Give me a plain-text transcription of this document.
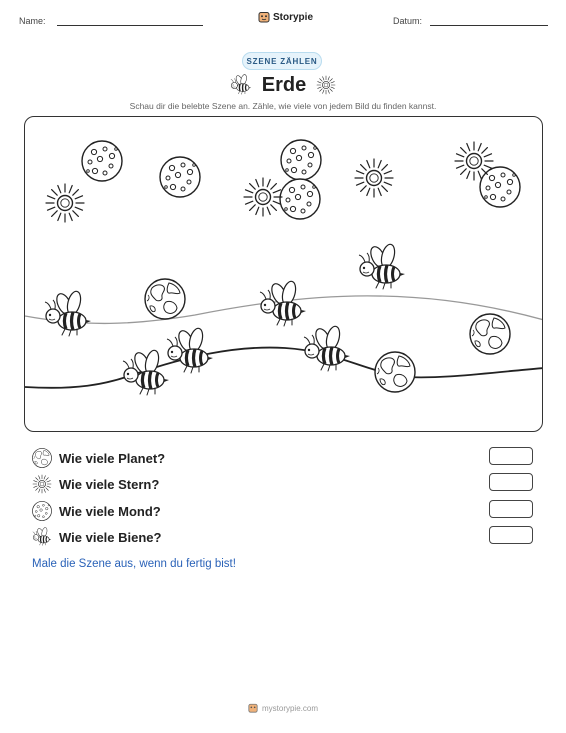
Name:	Storypie	Datum:
SZENE ZÄHLEN
Erde
Schau dir die belebte Szene an. Zähle, wie viele von jedem Bild du finden kannst.
Wie viele Planet?
Wie viele Stern?
Wie viele Mond?
Wie viele Biene?
Male die Szene aus, wenn du fertig bist!
mystorypie.com
